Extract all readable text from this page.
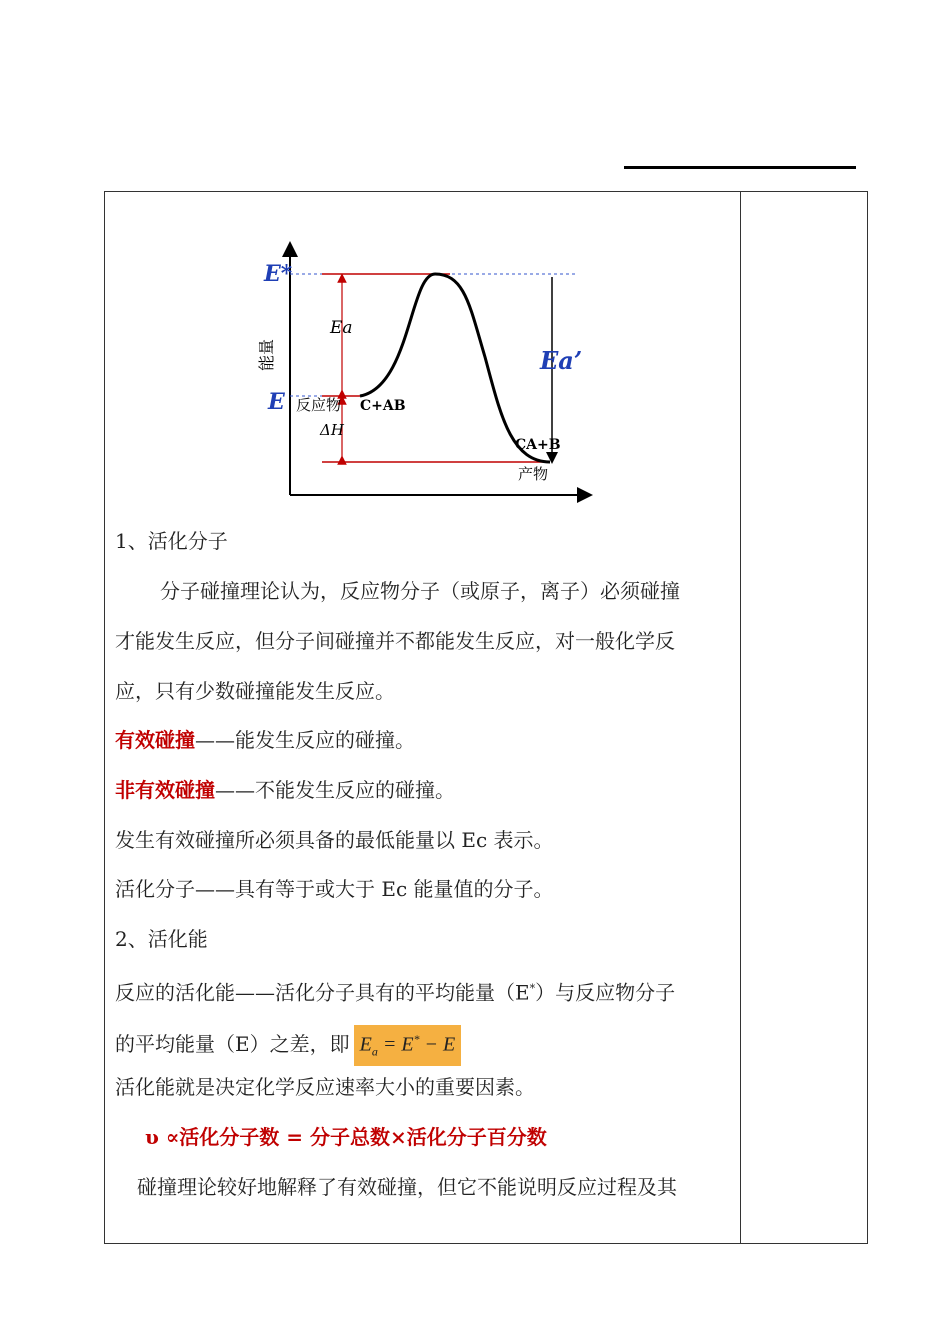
E*
E
能量
Ea
Ea’
反应物 C+AB
ΔH
CA+B
产物
1、活化分子
分子碰撞理论认为，反应物分子（或原子，离子）必须碰撞
才能发生反应，但分子间碰撞并不都能发生反应，对一般化学反
应，只有少数碰撞能发生反应。
有效碰撞——能发生反应的碰撞。
非有效碰撞——不能发生反应的碰撞。
发生有效碰撞所必须具备的最低能量以 Ec 表示。
活化分子——具有等于或大于 Ec 能量值的分子。
2、活化能
反应的活化能——活化分子具有的平均能量（E*）与反应物分子
的平均能量（E）之差，即 $E_a = E^* - E$
活化能就是决定化学反应速率大小的重要因素。
υ ∝活化分子数 = 分子总数×活化分子百分数
碰撞理论较好地解释了有效碰撞，但它不能说明反应过程及其
